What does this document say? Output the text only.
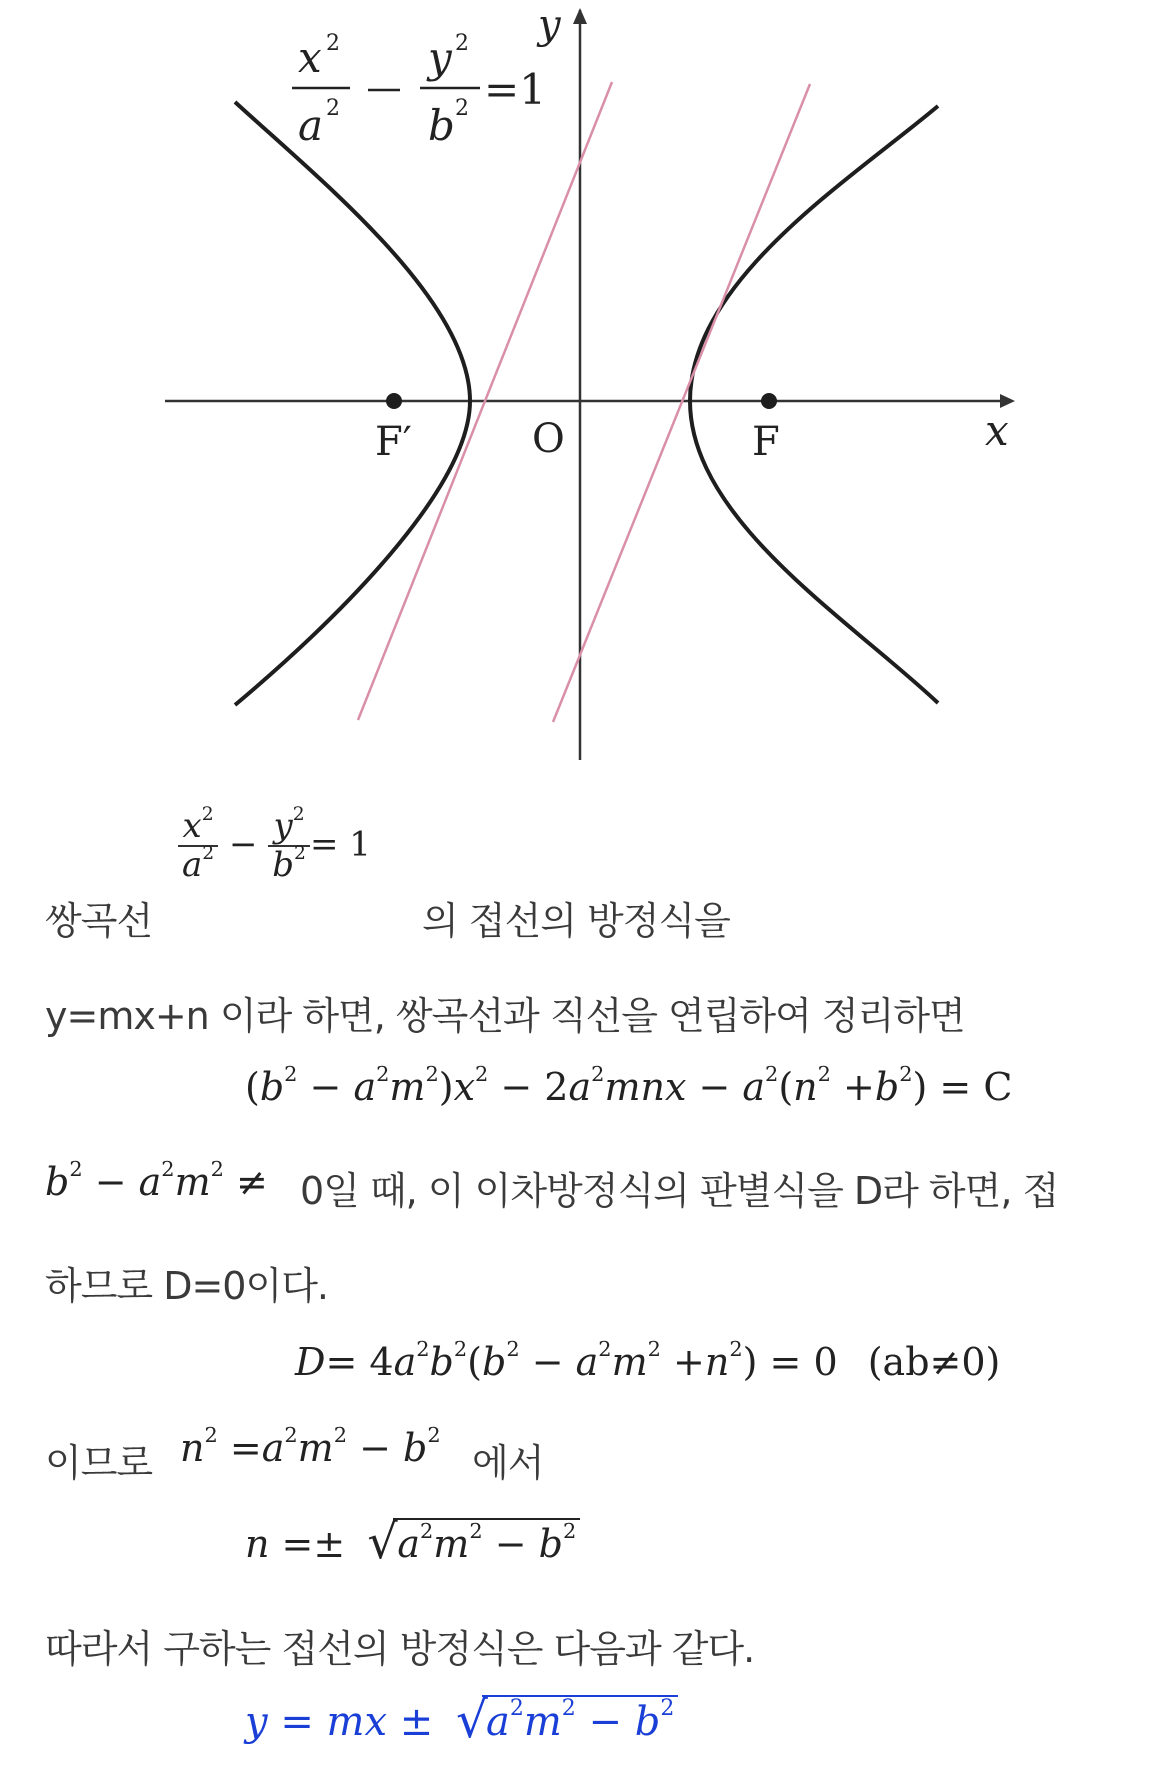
F′	O	F	x
y
x 2
a 2
y 2
b 2 =1
쌍곡선
$\frac{x^2}{a^2} - \frac{y^2}{b^2} = 1$
의 접선의 방정식을
y=mx+n 이라 하면, 쌍곡선과 직선을 연립하여 정리하면
$(b^2 - a^2m^2)x^2 - 2a^2mnx - a^2(n^2 +b^2) = C$
$b^2 - a^2m^2 \ne 0$일 때, 이 이차방정식의 판별식을 D라 하면, 접
하므로 D=0이다.
$D= 4a^2b^2(b^2 - a^2m^2 +n^2) = 0$ (ab≠0)
이므로 $n^2 =a^2m^2 - b^2$
에서
n =± √ $a^2m^2 - b^2$
따라서 구하는 접선의 방정식은 다음과 같다.
y = mx ± √
$a^2m^2 - b^2$
